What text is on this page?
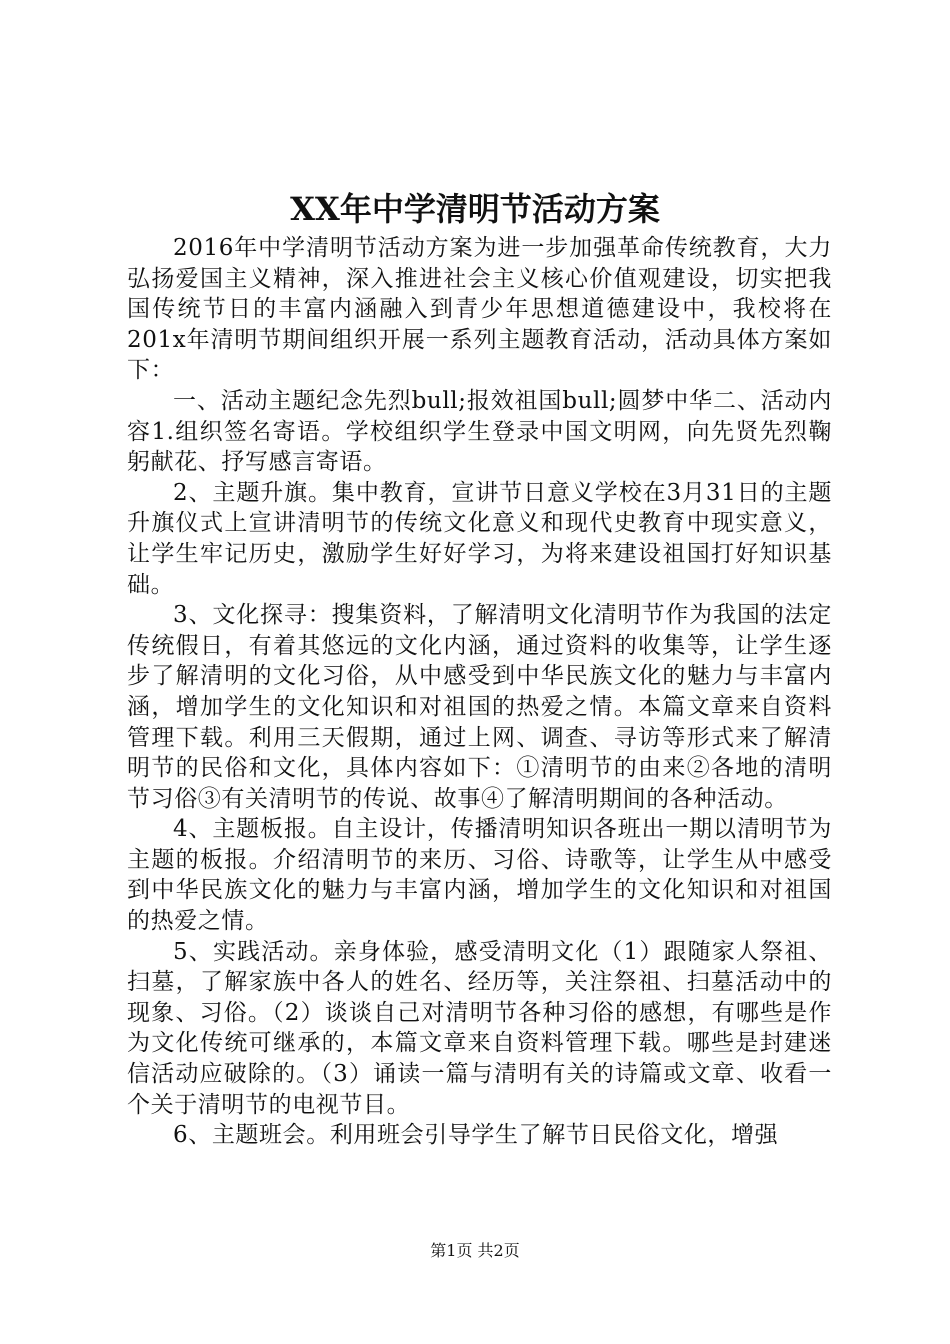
XX年中学清明节活动方案

2016年中学清明节活动方案为进一步加强革命传统教育，大力弘扬爱国主义精神，深入推进社会主义核心价值观建设，切实把我国传统节日的丰富内涵融入到青少年思想道德建设中，我校将在201x年清明节期间组织开展一系列主题教育活动，活动具体方案如下：

一、活动主题纪念先烈bull;报效祖国bull;圆梦中华二、活动内容1.组织签名寄语。学校组织学生登录中国文明网，向先贤先烈鞠躬献花、抒写感言寄语。

2、主题升旗。集中教育，宣讲节日意义学校在3月31日的主题升旗仪式上宣讲清明节的传统文化意义和现代史教育中现实意义，让学生牢记历史，激励学生好好学习，为将来建设祖国打好知识基础。

3、文化探寻：搜集资料，了解清明文化清明节作为我国的法定传统假日，有着其悠远的文化内涵，通过资料的收集等，让学生逐步了解清明的文化习俗，从中感受到中华民族文化的魅力与丰富内涵，增加学生的文化知识和对祖国的热爱之情。本篇文章来自资料管理下载。利用三天假期，通过上网、调查、寻访等形式来了解清明节的民俗和文化，具体内容如下：①清明节的由来②各地的清明节习俗③有关清明节的传说、故事④了解清明期间的各种活动。

4、主题板报。自主设计，传播清明知识各班出一期以清明节为主题的板报。介绍清明节的来历、习俗、诗歌等，让学生从中感受到中华民族文化的魅力与丰富内涵，增加学生的文化知识和对祖国的热爱之情。

5、实践活动。亲身体验，感受清明文化（1）跟随家人祭祖、扫墓，了解家族中各人的姓名、经历等，关注祭祖、扫墓活动中的现象、习俗。（2）谈谈自己对清明节各种习俗的感想，有哪些是作为文化传统可继承的，本篇文章来自资料管理下载。哪些是封建迷信活动应破除的。（3）诵读一篇与清明有关的诗篇或文章、收看一个关于清明节的电视节目。

6、主题班会。利用班会引导学生了解节日民俗文化，增强

第1页 共2页
